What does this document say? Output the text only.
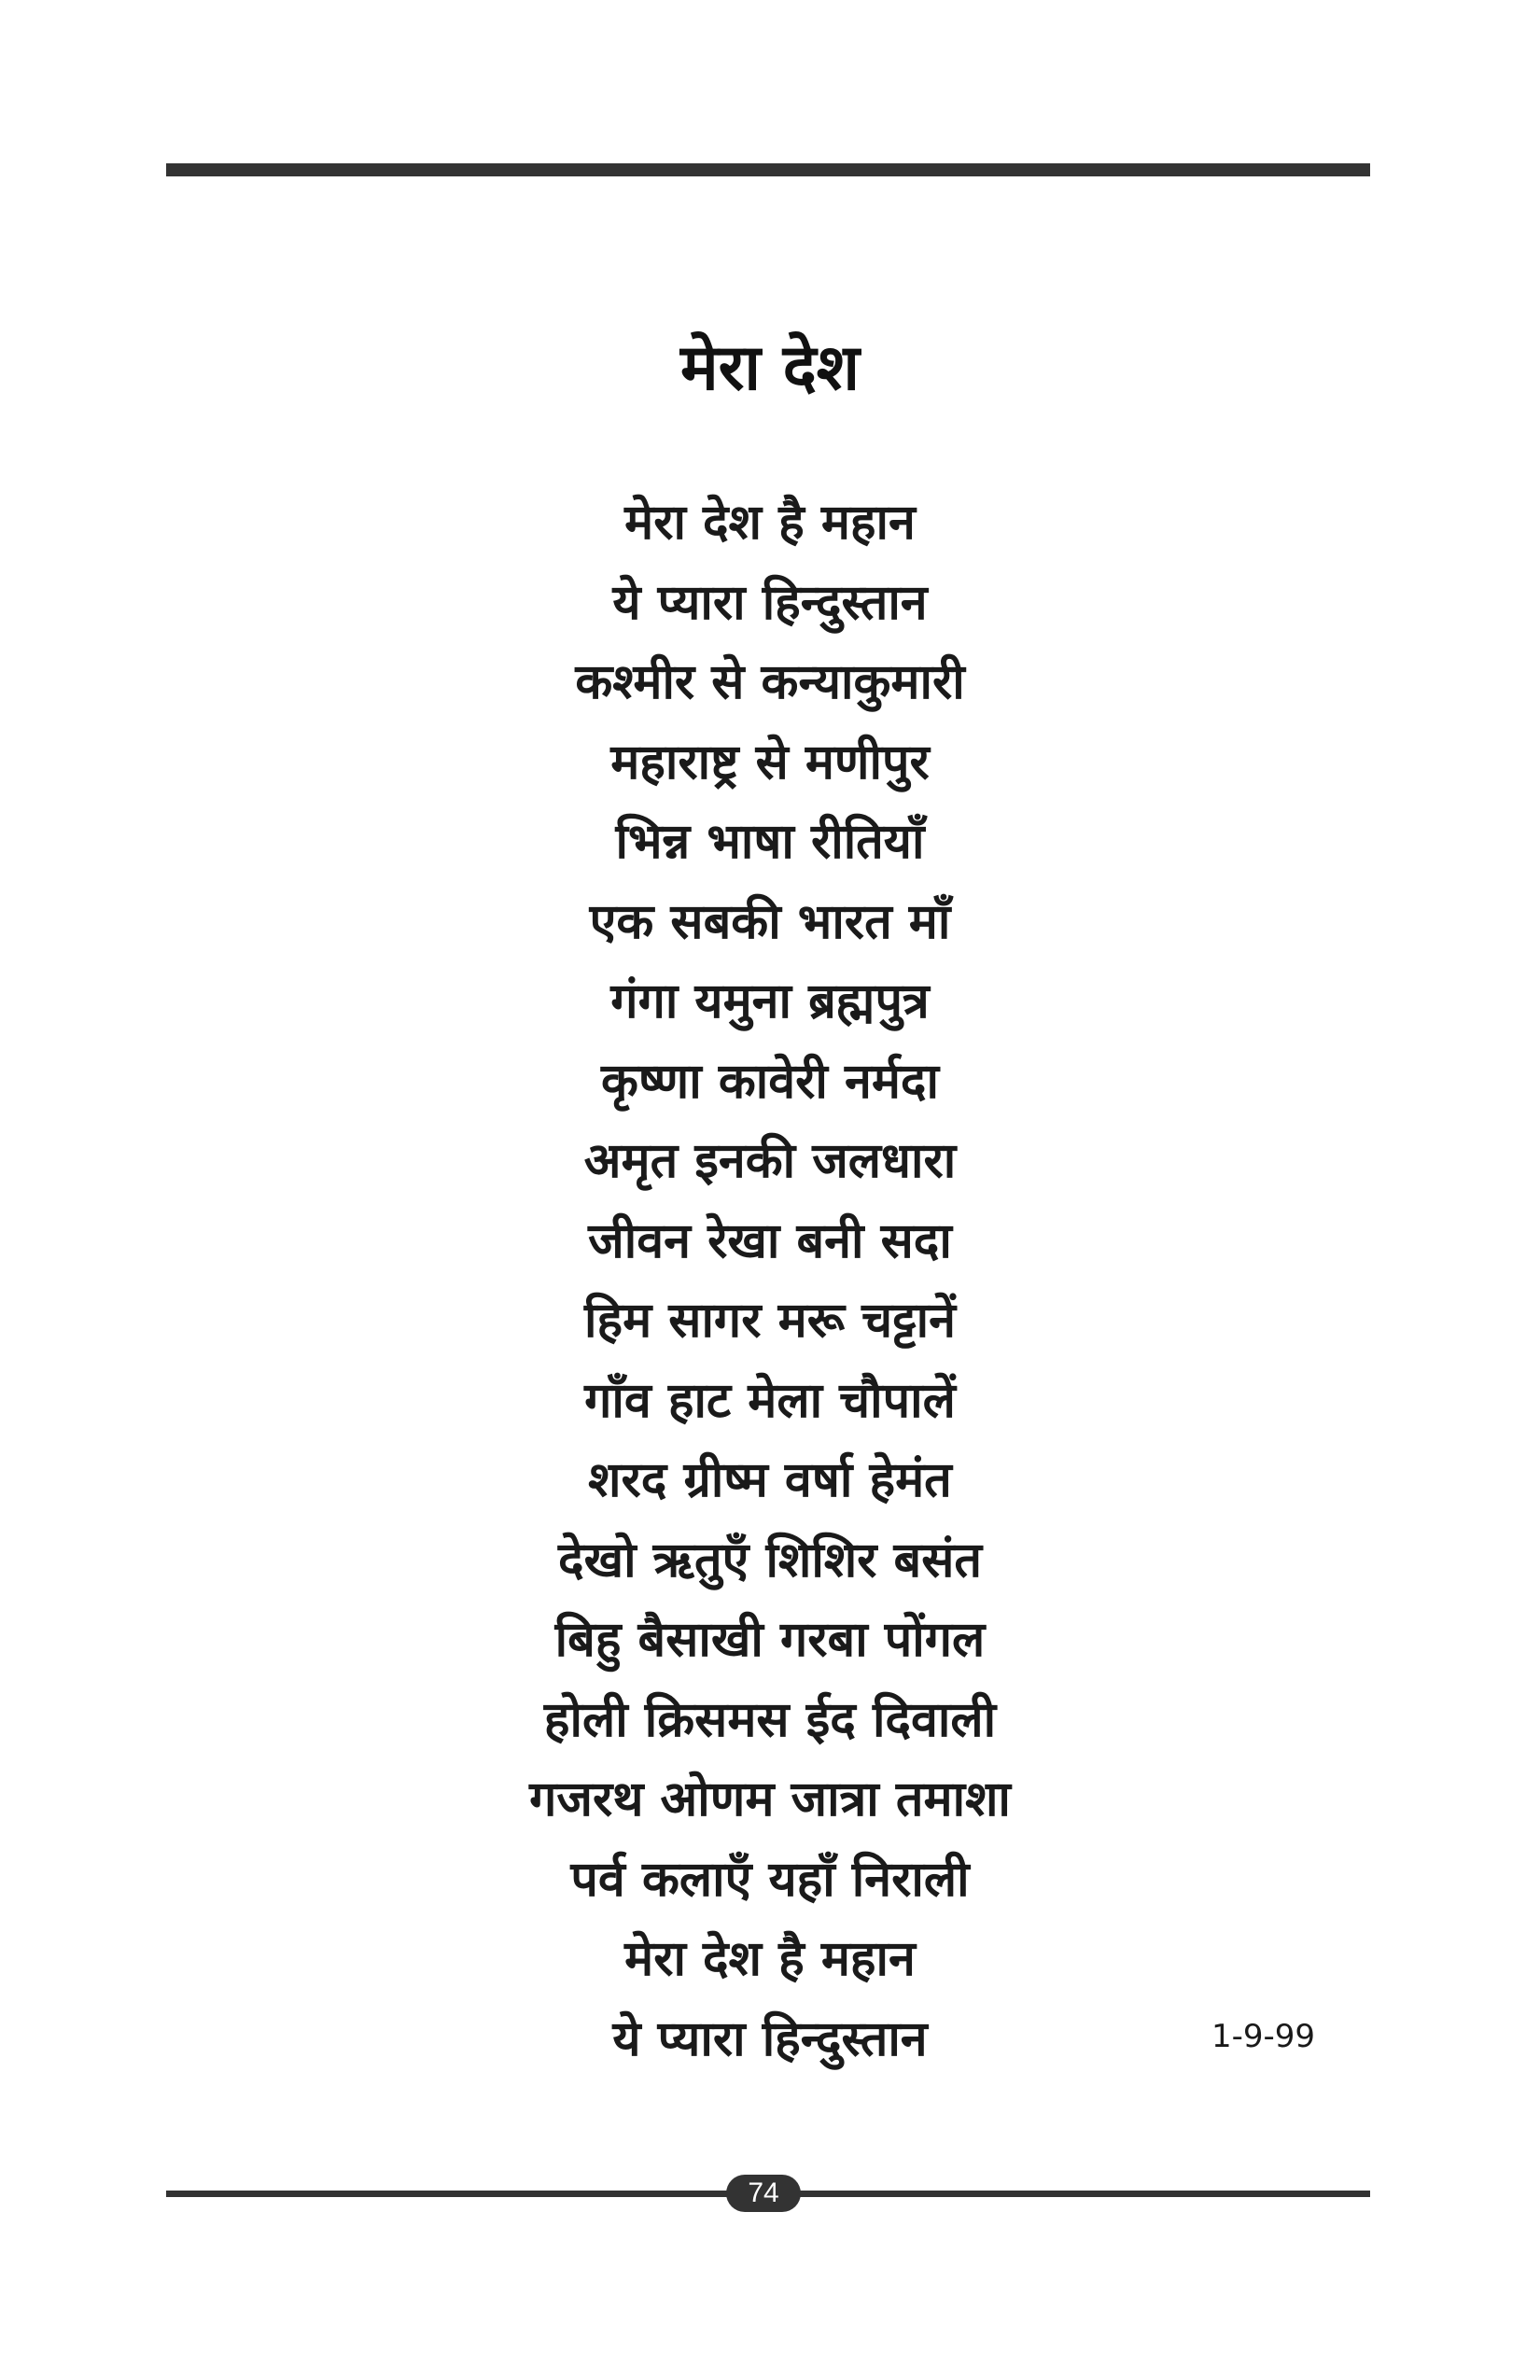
मेरा देश
मेरा देश है महान
ये प्यारा हिन्दुस्तान
कश्मीर से कन्याकुमारी
महाराष्ट्र से मणीपुर
भिन्न भाषा रीतियाँ
एक सबकी भारत माँ
गंगा यमुना ब्रह्मपुत्र
कृष्णा कावेरी नर्मदा
अमृत इनकी जलधारा
जीवन रेखा बनी सदा
हिम सागर मरू चट्टानें
गाँव हाट मेला चौपालें
शरद ग्रीष्म वर्षा हेमंत
देखो ऋतुएँ शिशिर बसंत
बिहु बैसाखी गरबा पोंगल
होली क्रिसमस ईद दिवाली
गजरथ ओणम जात्रा तमाशा
पर्व कलाएँ यहाँ निराली
मेरा देश है महान
ये प्यारा हिन्दुस्तान	1-9-99
74
